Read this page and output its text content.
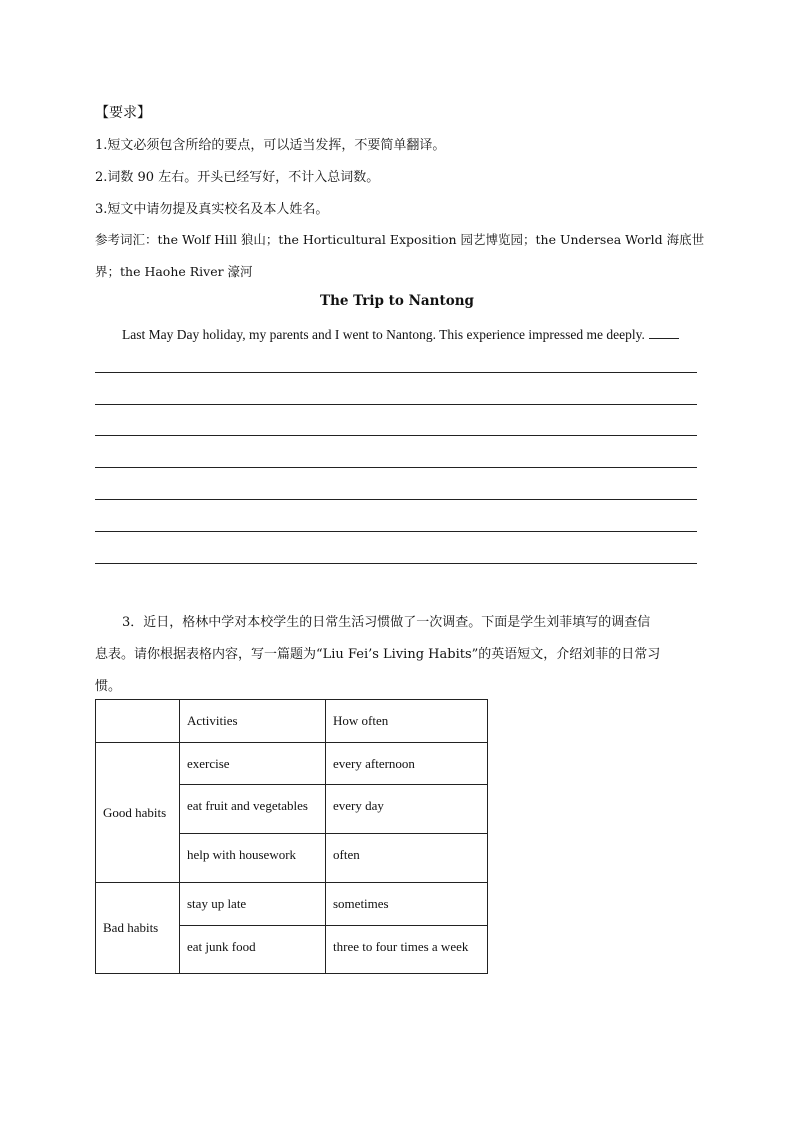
【要求】
1.短文必须包含所给的要点，可以适当发挥，不要简单翻译。
2.词数 90 左右。开头已经写好，不计入总词数。
3.短文中请勿提及真实校名及本人姓名。
参考词汇：the Wolf Hill 狼山；the Horticultural Exposition 园艺博览园；the Undersea World 海底世
界；the Haohe River 濠河
The Trip to Nantong
Last May Day holiday, my parents and I went to Nantong. This experience impressed me deeply.
3．近日，格林中学对本校学生的日常生活习惯做了一次调查。下面是学生刘菲填写的调查信
息表。请你根据表格内容，写一篇题为“Liu Fei’s Living Habits”的英语短文，介绍刘菲的日常习
惯。

	Activities	How often

Good habits	exercise	every afternoon

	eat fruit and vegetables	every day

	help with housework	often

Bad habits	stay up late	sometimes

	eat junk food	three to four times a week
